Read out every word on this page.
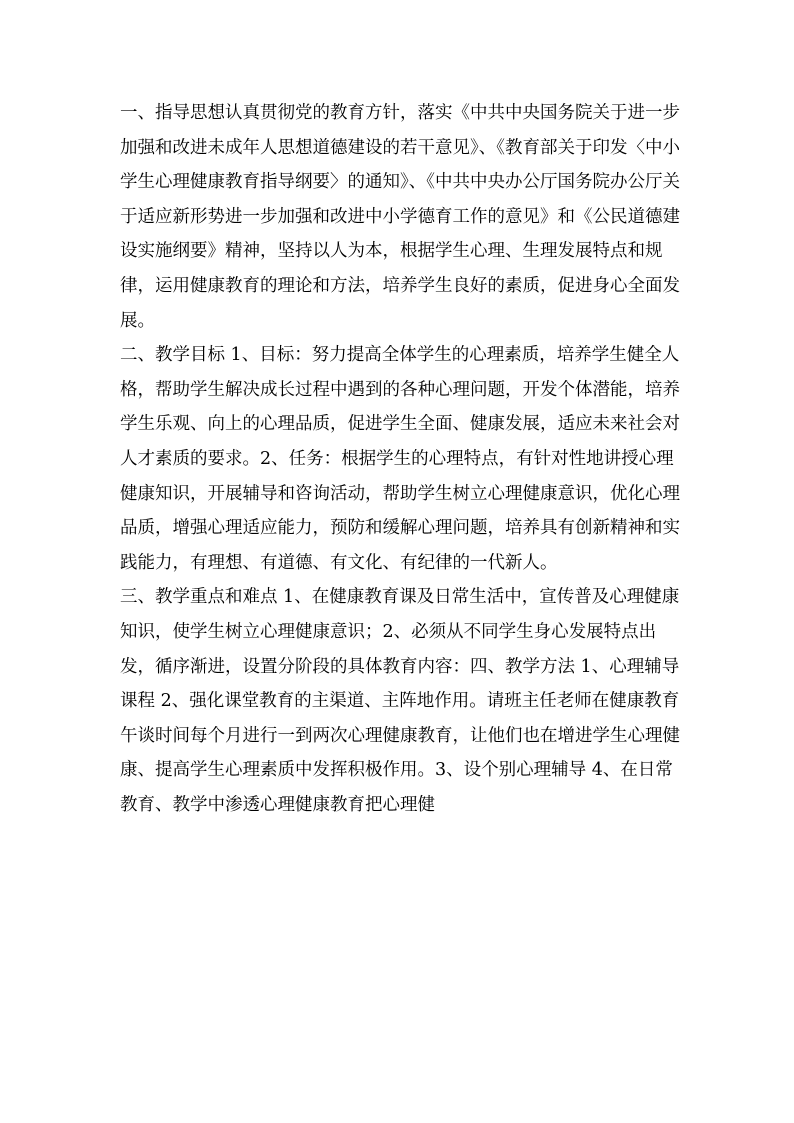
一、指导思想认真贯彻党的教育方针，落实《中共中央国务院关于进一步加强和改进未成年人思想道德建设的若干意见》、《教育部关于印发〈中小学生心理健康教育指导纲要〉的通知》、《中共中央办公厅国务院办公厅关于适应新形势进一步加强和改进中小学德育工作的意见》和《公民道德建设实施纲要》精神，坚持以人为本，根据学生心理、生理发展特点和规律，运用健康教育的理论和方法，培养学生良好的素质，促进身心全面发展。

二、教学目标 1、目标：努力提高全体学生的心理素质，培养学生健全人格，帮助学生解决成长过程中遇到的各种心理问题，开发个体潜能，培养学生乐观、向上的心理品质，促进学生全面、健康发展，适应未来社会对人才素质的要求。2、任务：根据学生的心理特点，有针对性地讲授心理健康知识，开展辅导和咨询活动，帮助学生树立心理健康意识，优化心理品质，增强心理适应能力，预防和缓解心理问题，培养具有创新精神和实践能力，有理想、有道德、有文化、有纪律的一代新人。

三、教学重点和难点 1、在健康教育课及日常生活中，宣传普及心理健康知识，使学生树立心理健康意识；2、必须从不同学生身心发展特点出发，循序渐进，设置分阶段的具体教育内容：四、教学方法 1、心理辅导课程 2、强化课堂教育的主渠道、主阵地作用。请班主任老师在健康教育午谈时间每个月进行一到两次心理健康教育，让他们也在增进学生心理健康、提高学生心理素质中发挥积极作用。3、设个别心理辅导 4、在日常教育、教学中渗透心理健康教育把心理健
